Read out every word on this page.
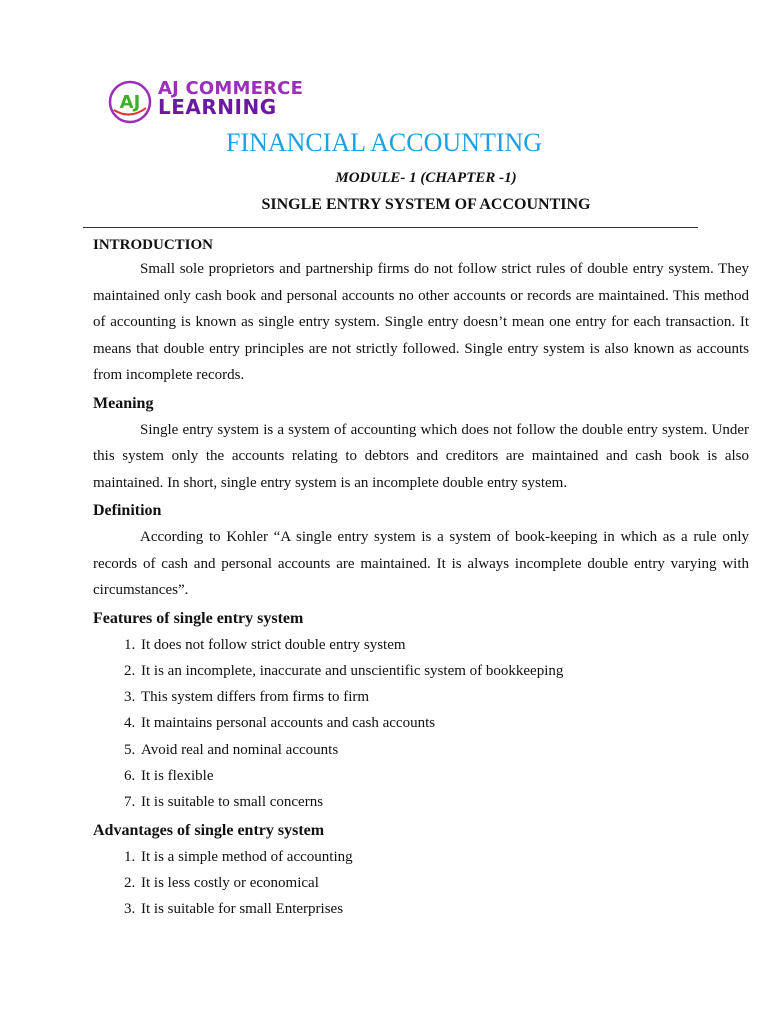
AJ
AJ COMMERCE
LEARNING
FINANCIAL ACCOUNTING
MODULE- 1 (CHAPTER -1)
SINGLE ENTRY SYSTEM OF ACCOUNTING
INTRODUCTION

Small sole proprietors and partnership firms do not follow strict rules of double entry system. They maintained only cash book and personal accounts no other accounts or records are maintained. This method of accounting is known as single entry system. Single entry doesn’t mean one entry for each transaction. It means that double entry principles are not strictly followed. Single entry system is also known as accounts from incomplete records.

Meaning

Single entry system is a system of accounting which does not follow the double entry system. Under this system only the accounts relating to debtors and creditors are maintained and cash book is also maintained. In short, single entry system is an incomplete double entry system.

Definition

According to Kohler “A single entry system is a system of book-keeping in which as a rule only records of cash and personal accounts are maintained. It is always incomplete double entry varying with circumstances”.

Features of single entry system
1. It does not follow strict double entry system
2. It is an incomplete, inaccurate and unscientific system of bookkeeping
3. This system differs from firms to firm
4. It maintains personal accounts and cash accounts
5. Avoid real and nominal accounts
6. It is flexible
7. It is suitable to small concerns
Advantages of single entry system
1. It is a simple method of accounting
2. It is less costly or economical
3. It is suitable for small Enterprises
